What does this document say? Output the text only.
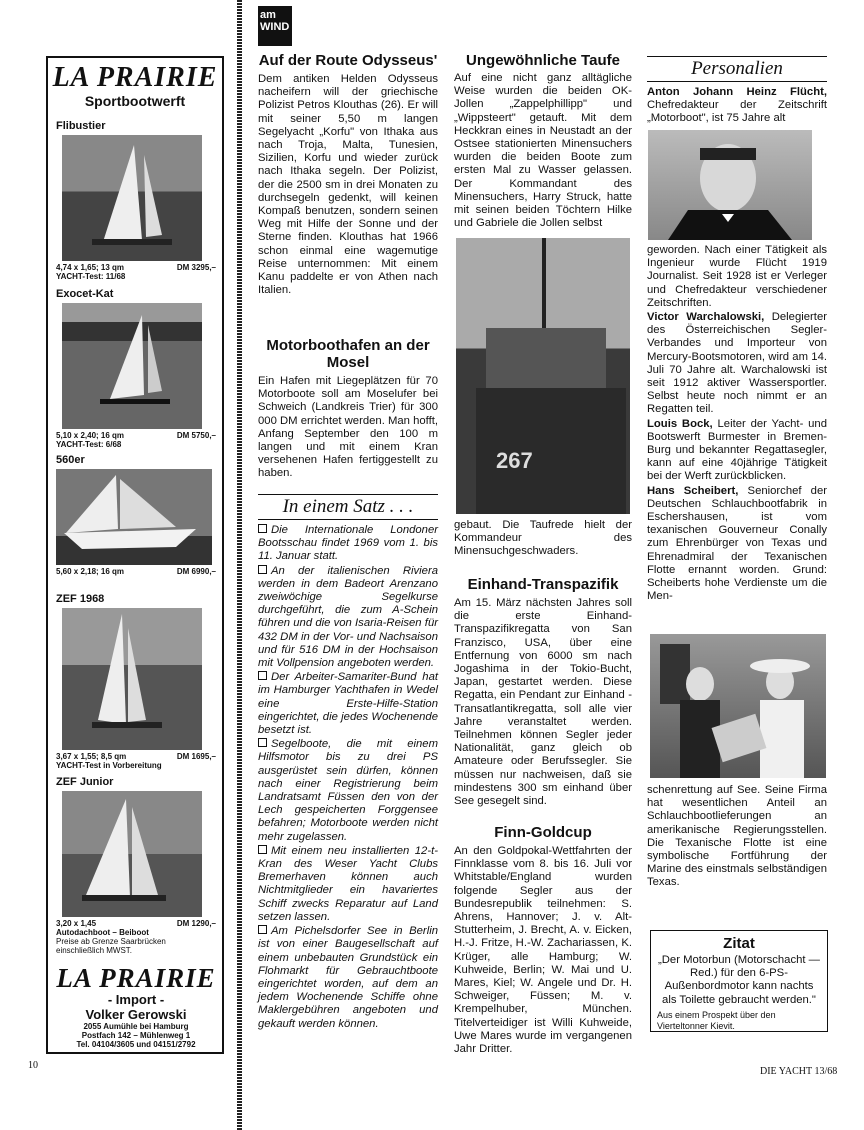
LA PRAIRIE
Sportbootwerft
Flibustier
4,74 x 1,65; 13 qm	DM 3295,–
YACHT-Test: 11/68
Exocet-Kat
5,10 x 2,40; 16 qm	DM 5750,–
YACHT-Test: 6/68
560er
5,60 x 2,18; 16 qm	DM 6990,–
ZEF 1968
3,67 x 1,55; 8,5 qm	DM 1695,–
YACHT-Test in Vorbereitung
ZEF Junior
3,20 x 1,45	DM 1290,–
Autodachboot – Beiboot
Preise ab Grenze Saarbrücken einschließlich MWST.
LA PRAIRIE
- Import -
Volker Gerowski
2055 Aumühle bei Hamburg
Postfach 142 – Mühlenweg 1
Tel. 04104/3605 und 04151/2792
10
DIE YACHT 13/68
am
WIND
Auf der Route Odysseus'
Dem antiken Helden Odysseus nacheifern will der griechische Polizist Petros Klouthas (26). Er will mit seiner 5,50 m langen Segelyacht „Korfu" von Ithaka aus nach Troja, Malta, Tunesien, Sizilien, Korfu und wieder zurück nach Ithaka segeln. Der Polizist, der die 2500 sm in drei Monaten zu durchsegeln gedenkt, will keinen Kompaß benutzen, sondern seinen Weg mit Hilfe der Sonne und der Sterne finden. Klouthas hat 1966 schon einmal eine wagemutige Reise unternommen: Mit einem Kanu paddelte er von Athen nach Italien.
Motorboothafen an der Mosel
Ein Hafen mit Liegeplätzen für 70 Motorboote soll am Moselufer bei Schweich (Landkreis Trier) für 300 000 DM errichtet werden. Man hofft, Anfang September den 100 m langen und mit einem Kran versehenen Hafen fertiggestellt zu haben.
In einem Satz . . .

Die Internationale Londoner Bootsschau findet 1969 vom 1. bis 11. Januar statt.

An der italienischen Riviera werden in dem Badeort Arenzano zweiwöchige Segelkurse durchgeführt, die zum A-Schein führen und die von Isaria-Reisen für 432 DM in der Vor- und Nachsaison und für 516 DM in der Hochsaison mit Vollpension angeboten werden.

Der Arbeiter-Samariter-Bund hat im Hamburger Yachthafen in Wedel eine Erste-Hilfe-Station eingerichtet, die jedes Wochenende besetzt ist.

Segelboote, die mit einem Hilfsmotor bis zu drei PS ausgerüstet sein dürfen, können nach einer Registrierung beim Landratsamt Füssen den von der Lech gespeicherten Forggensee befahren; Motorboote werden nicht mehr zugelassen.

Mit einem neu installierten 12-t-Kran des Weser Yacht Clubs Bremerhaven können auch Nichtmitglieder ein havariertes Schiff zwecks Reparatur auf Land setzen lassen.

Am Pichelsdorfer See in Berlin ist von einer Baugesellschaft auf einem unbebauten Grundstück ein Flohmarkt für Gebrauchtboote eingerichtet worden, auf dem an jedem Wochenende Schiffe ohne Maklergebühren angeboten und gekauft werden können.

Ungewöhnliche Taufe
Auf eine nicht ganz alltägliche Weise wurden die beiden OK-Jollen „Zappelphillipp" und „Wippsteert" getauft. Mit dem Heckkran eines in Neustadt an der Ostsee stationierten Minensuchers wurden die beiden Boote zum ersten Mal zu Wasser gelassen. Der Kommandant des Minensuchers, Harry Struck, hatte mit seinen beiden Töchtern Hilke und Gabriele die Jollen selbst
267
gebaut. Die Taufrede hielt der Kommandeur des Minensuchgeschwaders.
Einhand-Transpazifik
Am 15. März nächsten Jahres soll die erste Einhand-Transpazifikregatta von San Franzisco, USA, über eine Entfernung von 6000 sm nach Jogashima in der Tokio-Bucht, Japan, gestartet werden. Diese Regatta, ein Pendant zur Einhand - Transatlantikregatta, soll alle vier Jahre veranstaltet werden. Teilnehmen können Segler jeder Nationalität, ganz gleich ob Amateure oder Berufssegler. Sie müssen nur nachweisen, daß sie mindestens 300 sm einhand über See gesegelt sind.
Finn-Goldcup
An den Goldpokal-Wettfahrten der Finnklasse vom 8. bis 16. Juli vor Whitstable/England wurden folgende Segler aus der Bundesrepublik teilnehmen: S. Ahrens, Hannover; J. v. Alt-Stutterheim, J. Brecht, A. v. Eicken, H.-J. Fritze, H.-W. Zachariassen, K. Krüger, alle Hamburg; W. Kuhweide, Berlin; W. Mai und U. Mares, Kiel; W. Angele und Dr. H. Schweiger, Füssen; M. v. Krempelhuber, München. Titelverteidiger ist Willi Kuhweide, Uwe Mares wurde im vergangenen Jahr Dritter.
Personalien
Anton Johann Heinz Flücht, Chefredakteur der Zeitschrift „Motorboot", ist 75 Jahre alt
geworden. Nach einer Tätigkeit als Ingenieur wurde Flücht 1919 Journalist. Seit 1928 ist er Verleger und Chefredakteur verschiedener Zeitschriften.
Victor Warchalowski, Delegierter des Österreichischen Segler-Verbandes und Importeur von Mercury-Bootsmotoren, wird am 14. Juli 70 Jahre alt. Warchalowski ist seit 1912 aktiver Wassersportler. Selbst heute noch nimmt er an Regatten teil.
Louis Bock, Leiter der Yacht- und Bootswerft Burmester in Bremen-Burg und bekannter Regattasegler, kann auf eine 40jährige Tätigkeit bei der Werft zurückblicken.
Hans Scheibert, Seniorchef der Deutschen Schlauchbootfabrik in Eschershausen, ist vom texanischen Gouverneur Conally zum Ehrenbürger von Texas und Ehrenadmiral der Texanischen Flotte ernannt worden. Grund: Scheiberts hohe Verdienste um die Men-
schenrettung auf See. Seine Firma hat wesentlichen Anteil an Schlauchbootlieferungen an amerikanische Regierungsstellen. Die Texanische Flotte ist eine symbolische Fortführung der Marine des einstmals selbständigen Texas.
Zitat
„Der Motorbun (Motorschacht — Red.) für den 6-PS-Außenbordmotor kann nachts als Toilette gebraucht werden."
Aus einem Prospekt über den Vierteltonner Kievit.
